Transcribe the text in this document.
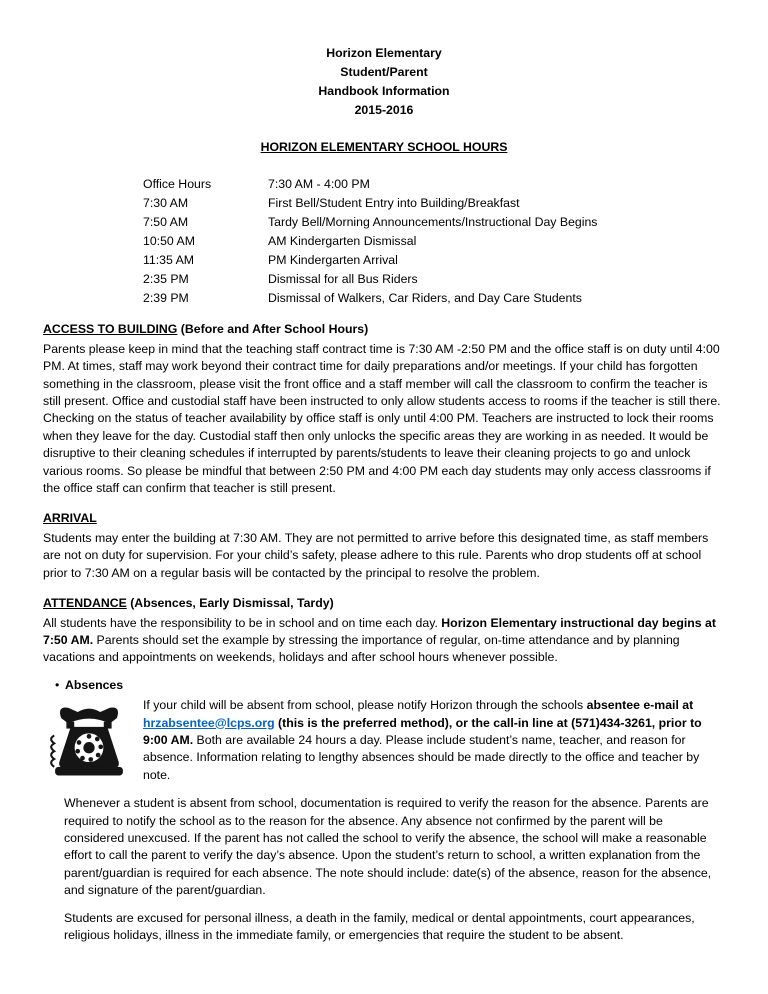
Horizon Elementary
Student/Parent
Handbook Information
2015-2016
HORIZON ELEMENTARY SCHOOL HOURS
Office Hours	7:30 AM - 4:00 PM
7:30 AM	First Bell/Student Entry into Building/Breakfast
7:50 AM	Tardy Bell/Morning Announcements/Instructional Day Begins
10:50 AM	AM Kindergarten Dismissal
11:35 AM	PM Kindergarten Arrival
2:35 PM	Dismissal for all Bus Riders
2:39 PM	Dismissal of Walkers, Car Riders, and Day Care Students
ACCESS TO BUILDING (Before and After School Hours)

Parents please keep in mind that the teaching staff contract time is 7:30 AM -2:50 PM and the office staff is on duty until 4:00 PM. At times, staff may work beyond their contract time for daily preparations and/or meetings. If your child has forgotten something in the classroom, please visit the front office and a staff member will call the classroom to confirm the teacher is still present. Office and custodial staff have been instructed to only allow students access to rooms if the teacher is still there. Checking on the status of teacher availability by office staff is only until 4:00 PM. Teachers are instructed to lock their rooms when they leave for the day. Custodial staff then only unlocks the specific areas they are working in as needed. It would be disruptive to their cleaning schedules if interrupted by parents/students to leave their cleaning projects to go and unlock various rooms. So please be mindful that between 2:50 PM and 4:00 PM each day students may only access classrooms if the office staff can confirm that teacher is still present.

ARRIVAL

Students may enter the building at 7:30 AM. They are not permitted to arrive before this designated time, as staff members are not on duty for supervision. For your child’s safety, please adhere to this rule. Parents who drop students off at school prior to 7:30 AM on a regular basis will be contacted by the principal to resolve the problem.

ATTENDANCE (Absences, Early Dismissal, Tardy)

All students have the responsibility to be in school and on time each day. Horizon Elementary instructional day begins at 7:50 AM. Parents should set the example by stressing the importance of regular, on-time attendance and by planning vacations and appointments on weekends, holidays and after school hours whenever possible.

• Absences

If your child will be absent from school, please notify Horizon through the schools absentee e-mail at hrzabsentee@lcps.org (this is the preferred method), or the call-in line at (571)434-3261, prior to 9:00 AM. Both are available 24 hours a day. Please include student’s name, teacher, and reason for absence. Information relating to lengthy absences should be made directly to the office and teacher by note.

Whenever a student is absent from school, documentation is required to verify the reason for the absence. Parents are required to notify the school as to the reason for the absence. Any absence not confirmed by the parent will be considered unexcused. If the parent has not called the school to verify the absence, the school will make a reasonable effort to call the parent to verify the day’s absence. Upon the student’s return to school, a written explanation from the parent/guardian is required for each absence. The note should include: date(s) of the absence, reason for the absence, and signature of the parent/guardian.

Students are excused for personal illness, a death in the family, medical or dental appointments, court appearances, religious holidays, illness in the immediate family, or emergencies that require the student to be absent.
